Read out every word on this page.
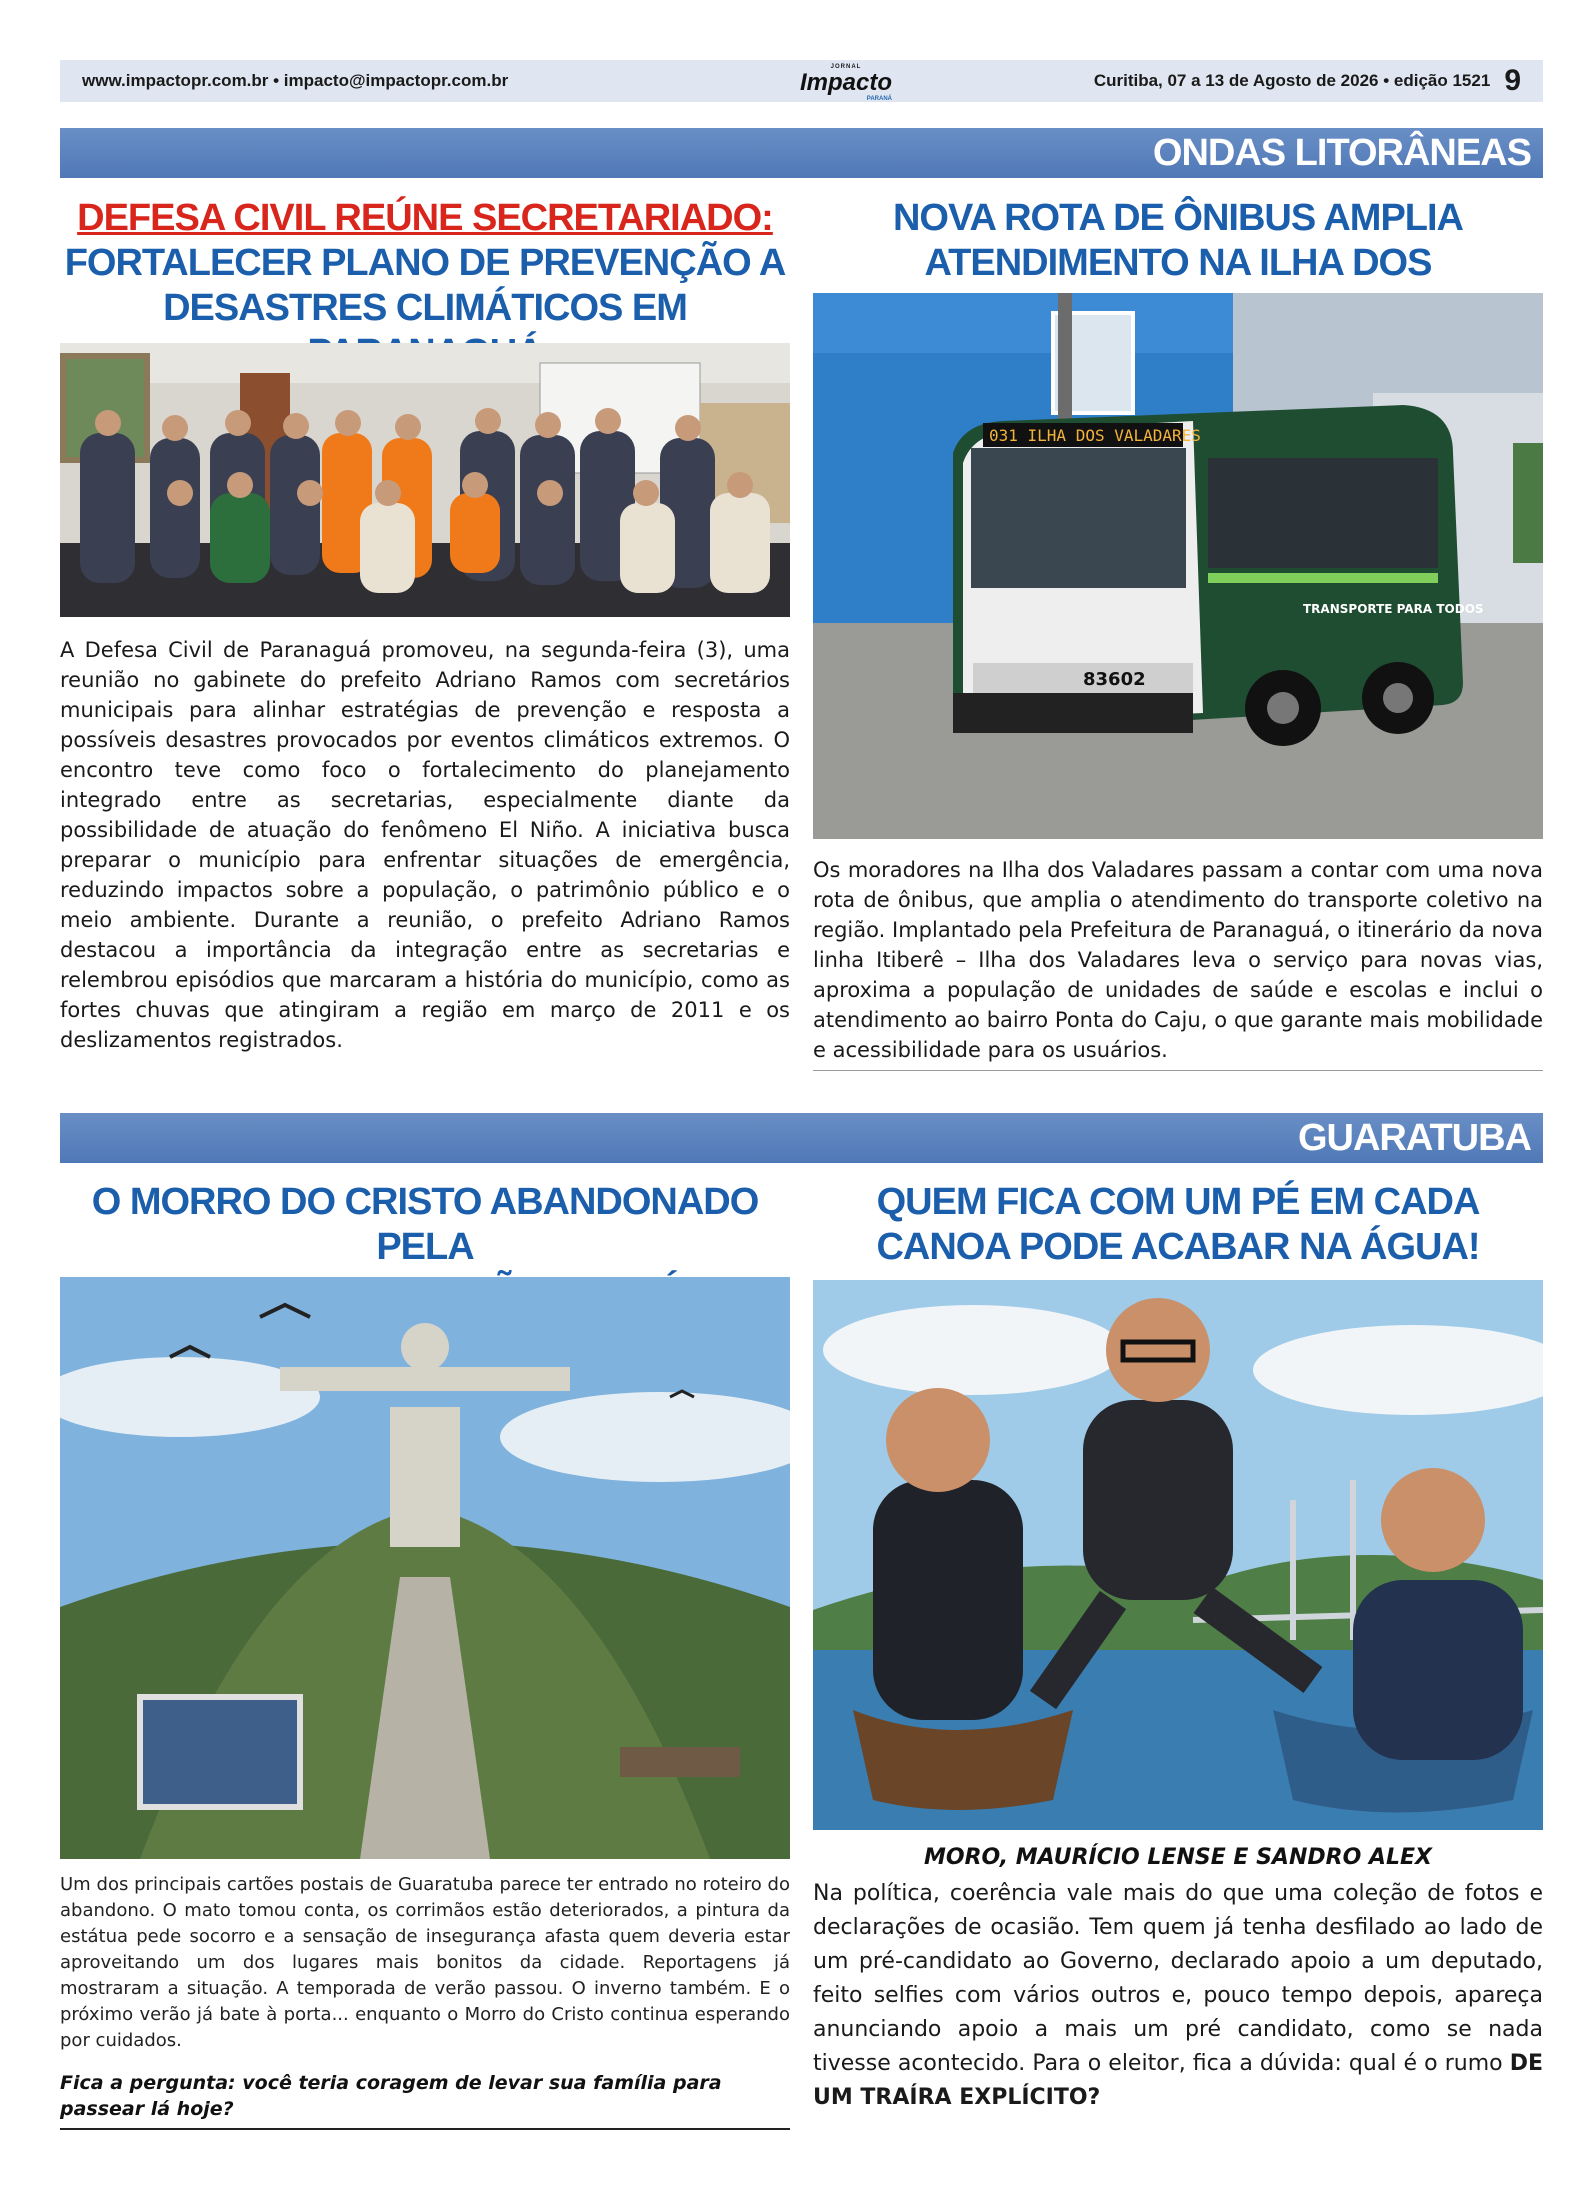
www.impactopr.com.br • impacto@impactopr.com.br
JORNAL
Impacto
PARANÁ
Curitiba, 07 a 13 de Agosto de 2026 • edição 1521 9
ONDAS LITORÂNEAS
DEFESA CIVIL REÚNE SECRETARIADO:
FORTALECER PLANO DE PREVENÇÃO A
DESASTRES CLIMÁTICOS EM
A Defesa Civil de Paranaguá promoveu, na segunda-feira (3), uma reunião no gabinete do prefeito Adriano Ramos com secretários municipais para alinhar estratégias de prevenção e resposta a possíveis desastres provocados por eventos climáticos extremos. O encontro teve como foco o fortalecimento do planejamento integrado entre as secretarias, especialmente diante da possibilidade de atuação do fenômeno El Niño. A iniciativa busca preparar o município para enfrentar situações de emergência, reduzindo impactos sobre a população, o patrimônio público e o meio ambiente. Durante a reunião, o prefeito Adriano Ramos destacou a importância da integração entre as secretarias e relembrou episódios que marcaram a história do município, como as fortes chuvas que atingiram a região em março de 2011 e os deslizamentos registrados.
NOVA ROTA DE ÔNIBUS AMPLIA
ATENDIMENTO NA ILHA DOS
031 ILHA DOS VALADARES
83602
TRANSPORTE PARA TODOS
Os moradores na Ilha dos Valadares passam a contar com uma nova rota de ônibus, que amplia o atendimento do transporte coletivo na região. Implantado pela Prefeitura de Paranaguá, o itinerário da nova linha Itiberê – Ilha dos Valadares leva o serviço para novas vias, aproxima a população de unidades de saúde e escolas e inclui o atendimento ao bairro Ponta do Caju, o que garante mais mobilidade e acessibilidade para os usuários.
GUARATUBA
O MORRO DO CRISTO ABANDONADO PELA
Um dos principais cartões postais de Guaratuba parece ter entrado no roteiro do abandono. O mato tomou conta, os corrimãos estão deteriorados, a pintura da estátua pede socorro e a sensação de insegurança afasta quem deveria estar aproveitando um dos lugares mais bonitos da cidade. Reportagens já mostraram a situação. A temporada de verão passou. O inverno também. E o próximo verão já bate à porta... enquanto o Morro do Cristo continua esperando por cuidados.
Fica a pergunta: você teria coragem de levar sua família para passear lá hoje?
QUEM FICA COM UM PÉ EM CADA
CANOA PODE ACABAR NA ÁGUA!
MORO, MAURÍCIO LENSE E SANDRO ALEX
Na política, coerência vale mais do que uma coleção de fotos e declarações de ocasião. Tem quem já tenha desfilado ao lado de um pré-candidato ao Governo, declarado apoio a um deputado, feito selfies com vários outros e, pouco tempo depois, apareça anunciando apoio a mais um pré candidato, como se nada tivesse acontecido. Para o eleitor, fica a dúvida: qual é o rumo DE UM TRAÍRA EXPLÍCITO?
